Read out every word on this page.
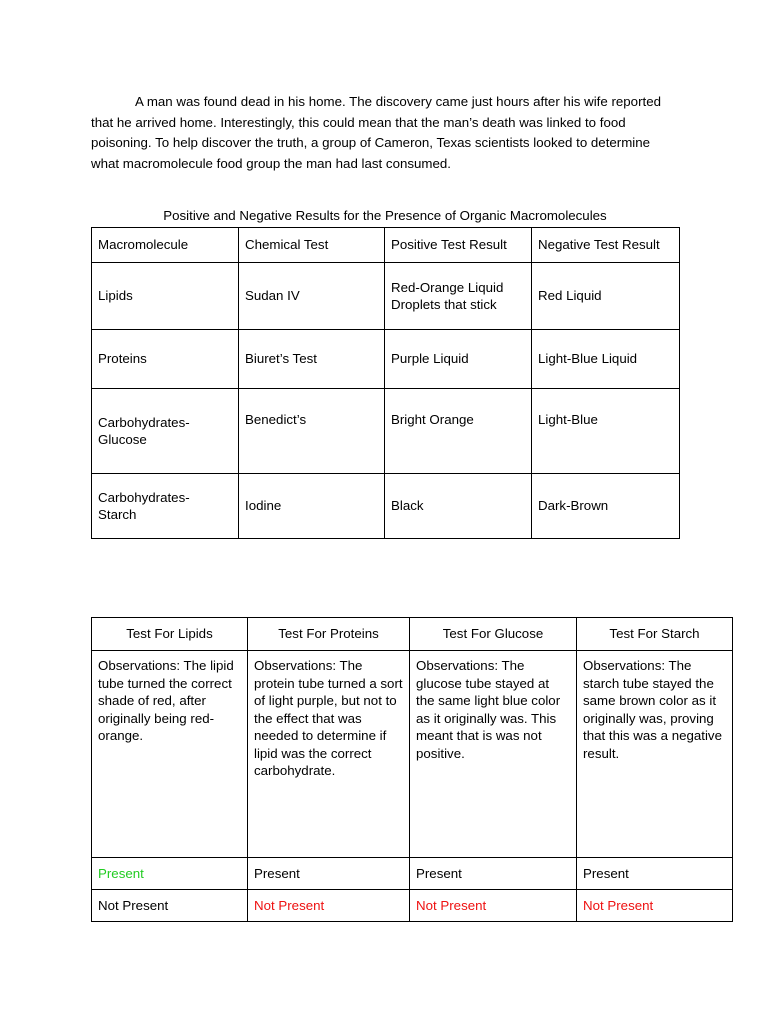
A man was found dead in his home. The discovery came just hours after his wife reported that he arrived home. Interestingly, this could mean that the man’s death was linked to food poisoning. To help discover the truth, a group of Cameron, Texas scientists looked to determine what macromolecule food group the man had last consumed.

Positive and Negative Results for the Presence of Organic Macromolecules

Macromolecule	Chemical Test	Positive Test Result	Negative Test Result
Lipids	Sudan IV	Red-Orange Liquid Droplets that stick	Red Liquid
Proteins	Biuret’s Test	Purple Liquid	Light-Blue Liquid

Carbohydrates-Glucose	Benedict’s	Bright Orange	Light-Blue

Carbohydrates-Starch	Iodine	Black	Dark-Brown
Test For Lipids	Test For Proteins	Test For Glucose	Test For Starch
Observations: The lipid tube turned the correct shade of red, after originally being red-orange.	Observations: The protein tube turned a sort of light purple, but not to the effect that was needed to determine if lipid was the correct carbohydrate.	Observations: The glucose tube stayed at the same light blue color as it originally was. This meant that is was not positive.	Observations: The starch tube stayed the same brown color as it originally was, proving that this was a negative result.
Present	Present	Present	Present
Not Present	Not Present	Not Present	Not Present
